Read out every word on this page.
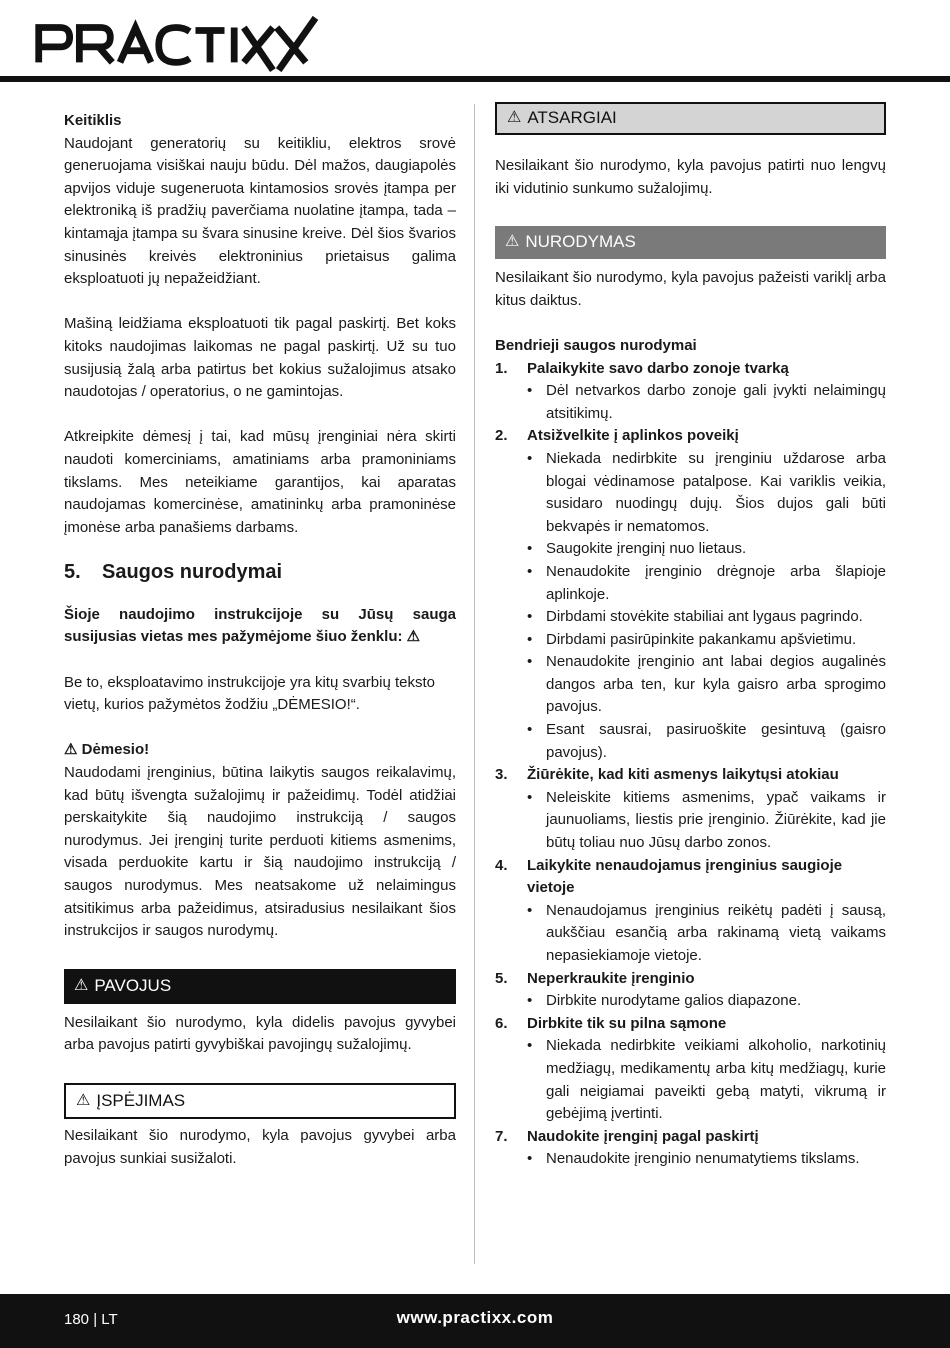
Keitiklis

Naudojant generatorių su keitikliu, elektros srovė generuojama visiškai nauju būdu. Dėl mažos, daugiapolės apvijos viduje sugeneruota kintamosios srovės įtampa per elektroniką iš pradžių paverčiama nuolatine įtampa, tada – kintamąja įtampa su švara sinusine kreive. Dėl šios švarios sinusinės kreivės elektroninius prietaisus galima eksploatuoti jų nepažeidžiant.

Mašiną leidžiama eksploatuoti tik pagal paskirtį. Bet koks kitoks naudojimas laikomas ne pagal paskirtį. Už su tuo susijusią žalą arba patirtus bet kokius sužalojimus atsako naudotojas / operatorius, o ne gamintojas.

Atkreipkite dėmesį į tai, kad mūsų įrenginiai nėra skirti naudoti komerciniams, amatiniams arba pramoniniams tikslams. Mes neteikiame garantijos, kai aparatas naudojamas komercinėse, amatininkų arba pramoninėse įmonėse arba panašiems darbams.

5.	Saugos nurodymai

Šioje naudojimo instrukcijoje su Jūsų sauga susijusias vietas mes pažymėjome šiuo ženklu: ⚠

Be to, eksploatavimo instrukcijoje yra kitų svarbių teksto vietų, kurios pažymėtos žodžiu „DĖMESIO!“.

⚠ Dėmesio!

Naudodami įrenginius, būtina laikytis saugos reikalavimų, kad būtų išvengta sužalojimų ir pažeidimų. Todėl atidžiai perskaitykite šią naudojimo instrukciją / saugos nurodymus. Jei įrenginį turite perduoti kitiems asmenims, visada perduokite kartu ir šią naudojimo instrukciją / saugos nurodymus. Mes neatsakome už nelaimingus atsitikimus arba pažeidimus, atsiradusius nesilaikant šios instrukcijos ir saugos nurodymų.

⚠ PAVOJUS

Nesilaikant šio nurodymo, kyla didelis pavojus gyvybei arba pavojus patirti gyvybiškai pavojingų sužalojimų.

⚠ ĮSPĖJIMAS

Nesilaikant šio nurodymo, kyla pavojus gyvybei arba pavojus sunkiai susižaloti.

⚠ ATSARGIAI

Nesilaikant šio nurodymo, kyla pavojus patirti nuo lengvų iki vidutinio sunkumo sužalojimų.

⚠ NURODYMAS

Nesilaikant šio nurodymo, kyla pavojus pažeisti variklį arba kitus daiktus.

Bendrieji saugos nurodymai

1. Palaikykite savo darbo zonoje tvarką
• Dėl netvarkos darbo zonoje gali įvykti nelaimingų atsitikimų.
2. Atsižvelkite į aplinkos poveikį
• Niekada nedirbkite su įrenginiu uždarose arba blogai vėdinamose patalpose. Kai variklis veikia, susidaro nuodingų dujų. Šios dujos gali būti bekvapės ir nematomos.
• Saugokite įrenginį nuo lietaus.
• Nenaudokite įrenginio drėgnoje arba šlapioje aplinkoje.
• Dirbdami stovėkite stabiliai ant lygaus pagrindo.
• Dirbdami pasirūpinkite pakankamu apšvietimu.
• Nenaudokite įrenginio ant labai degios augalinės dangos arba ten, kur kyla gaisro arba sprogimo pavojus.
• Esant sausrai, pasiruoškite gesintuvą (gaisro pavojus).
3. Žiūrėkite, kad kiti asmenys laikytųsi atokiau
• Neleiskite kitiems asmenims, ypač vaikams ir jaunuoliams, liestis prie įrenginio. Žiūrėkite, kad jie būtų toliau nuo Jūsų darbo zonos.
4. Laikykite nenaudojamus įrenginius saugioje vietoje
• Nenaudojamus įrenginius reikėtų padėti į sausą, aukščiau esančią arba rakinamą vietą vaikams nepasiekiamoje vietoje.
5. Neperkraukite įrenginio
• Dirbkite nurodytame galios diapazone.
6. Dirbkite tik su pilna sąmone
• Niekada nedirbkite veikiami alkoholio, narkotinių medžiagų, medikamentų arba kitų medžiagų, kurie gali neigiamai paveikti gebą matyti, vikrumą ir gebėjimą įvertinti.
7. Naudokite įrenginį pagal paskirtį
• Nenaudokite įrenginio nenumatytiems tikslams.
180 | LT	www.practixx.com
